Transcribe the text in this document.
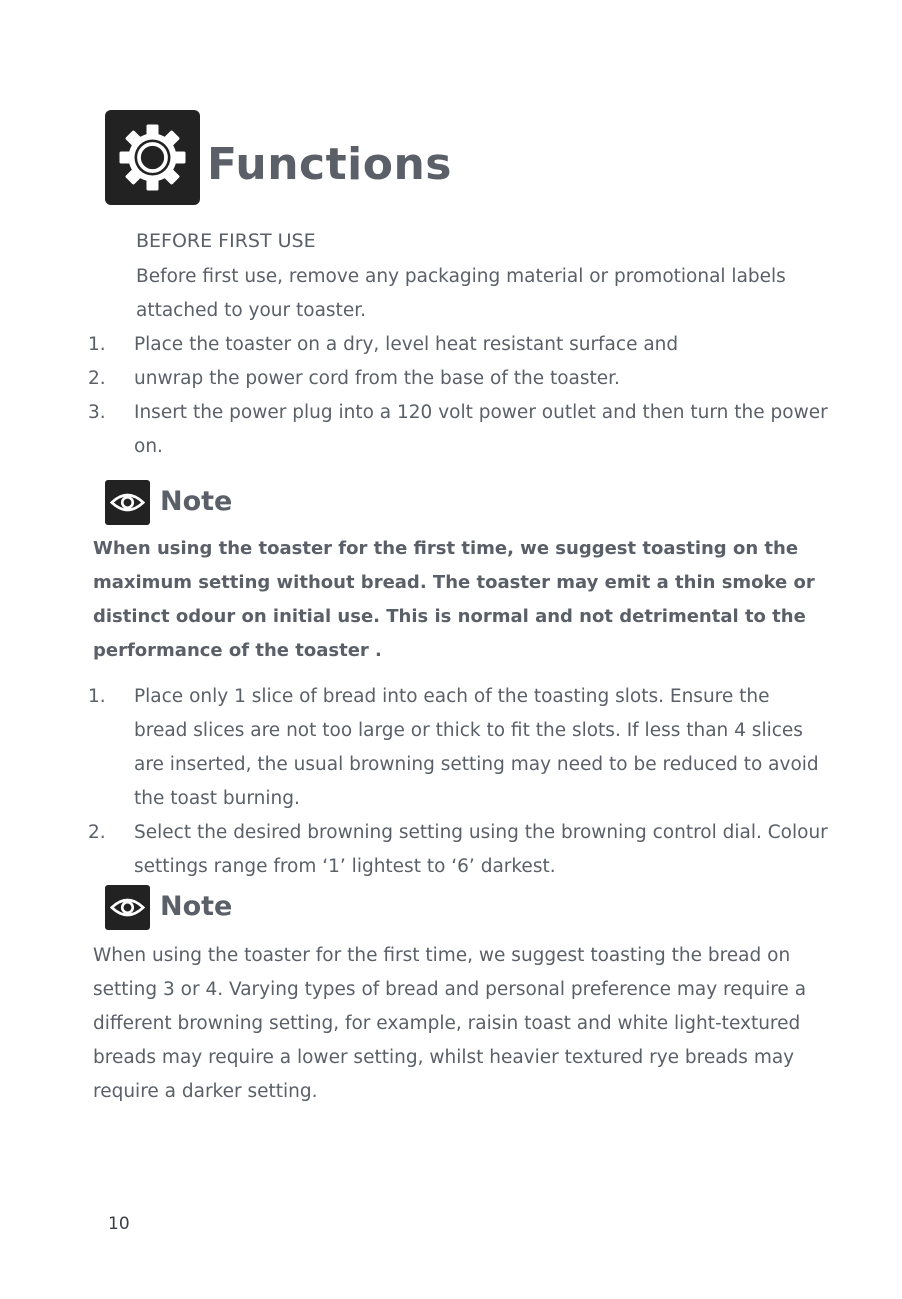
Functions
BEFORE FIRST USE
Before first use, remove any packaging material or promotional labels attached to your toaster.
1. Place the toaster on a dry, level heat resistant surface and
2. unwrap the power cord from the base of the toaster.
3. Insert the power plug into a 120 volt power outlet and then turn the power on.
Note
When using the toaster for the first time, we suggest toasting on the maximum setting without bread. The toaster may emit a thin smoke or distinct odour on initial use. This is normal and not detrimental to the performance of the toaster .
1. Place only 1 slice of bread into each of the toasting slots. Ensure the bread slices are not too large or thick to fit the slots. If less than 4 slices are inserted, the usual browning setting may need to be reduced to avoid the toast burning.
2. Select the desired browning setting using the browning control dial. Colour settings range from ‘1’ lightest to ‘6’ darkest.
Note
When using the toaster for the first time, we suggest toasting the bread on setting 3 or 4. Varying types of bread and personal preference may require a different browning setting, for example, raisin toast and white light-textured breads may require a lower setting, whilst heavier textured rye breads may require a darker setting.
10
